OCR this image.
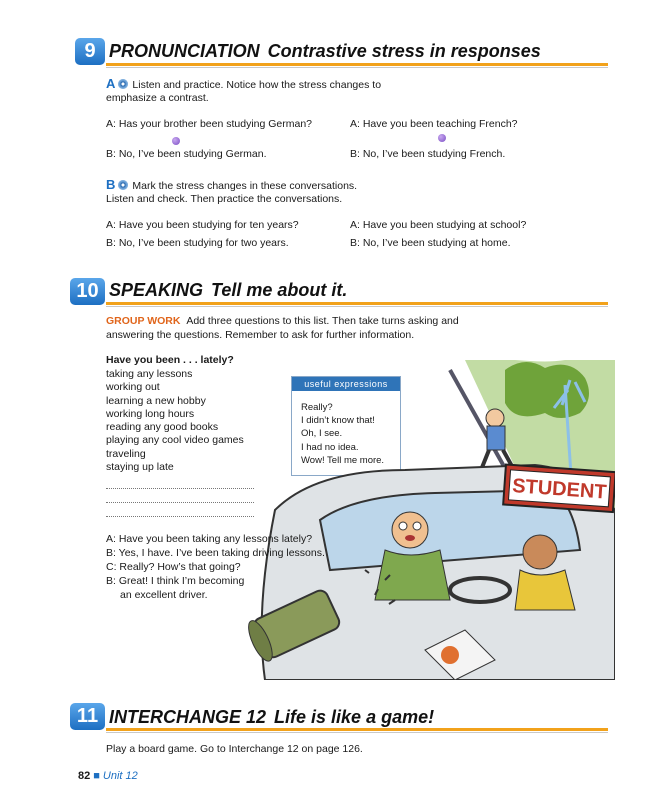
9 PRONUNCIATION Contrastive stress in responses
A Listen and practice. Notice how the stress changes to
emphasize a contrast.
A: Has your brother been studying German?	A: Have you been teaching French?
B: No, I’ve been studying German.	B: No, I’ve been studying French.
B Mark the stress changes in these conversations.
Listen and check. Then practice the conversations.
A: Have you been studying for ten years?	A: Have you been studying at school?
B: No, I’ve been studying for two years.	B: No, I’ve been studying at home.
10 SPEAKING Tell me about it.
GROUP WORK Add three questions to this list. Then take turns asking and
answering the questions. Remember to ask for further information.
Have you been . . . lately?
taking any lessons
working out
learning a new hobby
working long hours
reading any good books
playing any cool video games
traveling
staying up late
useful expressions
Really?
I didn’t know that!
Oh, I see.
I had no idea.
Wow! Tell me more.
STUDENT
A: Have you been taking any lessons lately?
B: Yes, I have. I’ve been taking driving lessons.
C: Really? How’s that going?
B: Great! I think I’m becoming
an excellent driver.
11 INTERCHANGE 12 Life is like a game!
Play a board game. Go to Interchange 12 on page 126.
82 ■ Unit 12
